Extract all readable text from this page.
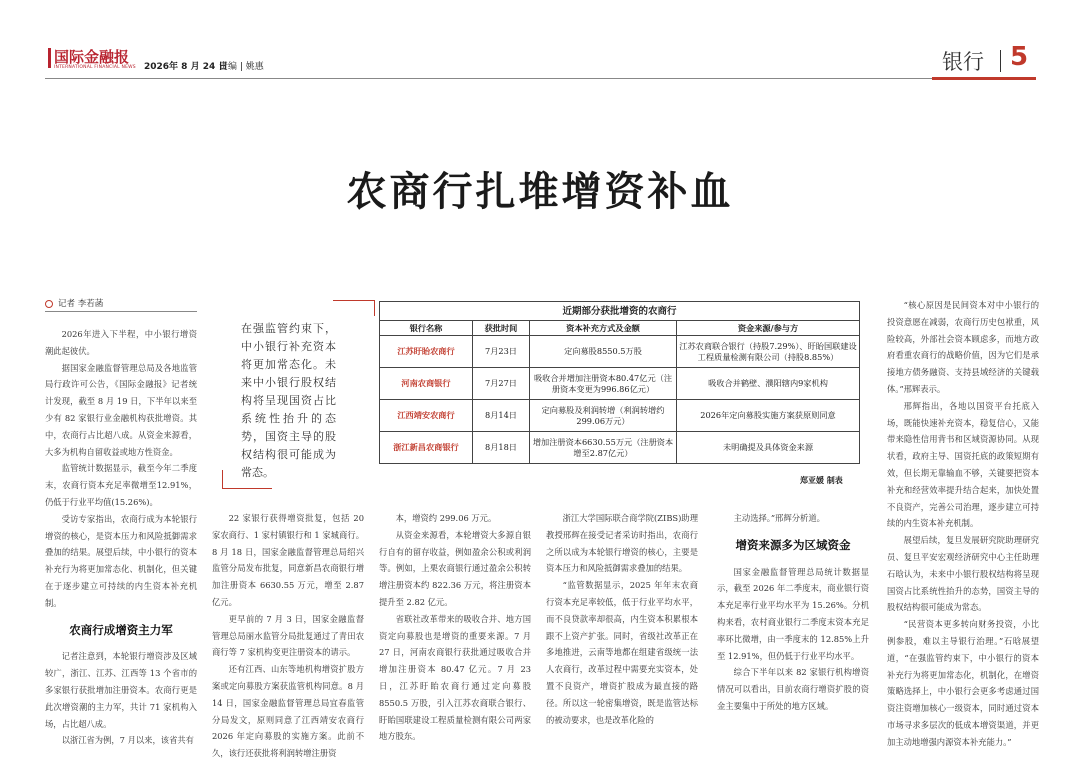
国际金融报
INTERNATIONAL FINANCIAL NEWS 2026年 8 月 24 日
责编 | 姚惠	银行 5
农商行扎堆增资补血
记者 李若菡
在强监管约束下，中小银行补充资本将更加常态化。未来中小银行股权结构将呈现国资占比系统性抬升的态势，国资主导的股权结构很可能成为常态。
近期部分获批增资的农商行			
银行名称	获批时间	资本补充方式及金额	资金来源/参与方
江苏盱眙农商行	7月23日	定向募股8550.5万股	江苏农商联合银行（持股7.29%）、盱眙国联建设工程质量检测有限公司（持股8.85%）
河南农商银行	7月27日	吸收合并增加注册资本80.47亿元（注册资本变更为996.86亿元）	吸收合并鹤壁、濮阳辖内9家机构
江西靖安农商行	8月14日	定向募股及利润转增（利润转增约299.06万元）	2026年定向募股实施方案获原则同意
浙江新昌农商银行	8月18日	增加注册资本6630.55万元（注册资本增至2.87亿元）	未明确提及具体资金来源
郑亚媛 制表

2026年进入下半程，中小银行增资潮此起彼伏。

据国家金融监督管理总局及各地监管局行政许可公告，《国际金融报》记者统计发现，截至 8 月 19 日，下半年以来至少有 82 家银行业金融机构获批增资。其中，农商行占比超八成。从资金来源看，大多为机构自留收益或地方性资金。

监管统计数据显示，截至今年二季度末，农商行资本充足率微增至12.91%，仍低于行业平均值(15.26%)。

受访专家指出，农商行成为本轮银行增资的核心，是资本压力和风险抵御需求叠加的结果。展望后续，中小银行的资本补充行为将更加常态化、机制化，但关键在于逐步建立可持续的内生资本补充机制。

农商行成增资主力军

记者注意到，本轮银行增资涉及区域较广，浙江、江苏、江西等 13 个省市的多家银行获批增加注册资本。农商行更是此次增资潮的主力军，共计 71 家机构入场，占比超八成。

以浙江省为例，7 月以来，该省共有

22 家银行获得增资批复，包括 20 家农商行、1 家村镇银行和 1 家城商行。8 月 18 日，国家金融监督管理总局绍兴监管分局发布批复，同意新昌农商银行增加注册资本 6630.55 万元，增至 2.87 亿元。

更早前的 7 月 3 日，国家金融监督管理总局丽水监管分局批复通过了青田农商行等 7 家机构变更注册资本的请示。

还有江西、山东等地机构增资扩股方案或定向募股方案获监管机构同意。8 月 14 日，国家金融监督管理总局宜春监管分局发文，原则同意了江西靖安农商行 2026 年定向募股的实施方案。此前不久，该行还获批将利润转增注册资

本，增资约 299.06 万元。

从资金来源看，本轮增资大多源自银行自有的留存收益，例如盈余公积或利润等。例如，上栗农商银行通过盈余公积转增注册资本约 822.36 万元，将注册资本提升至 2.82 亿元。

省联社改革带来的吸收合并、地方国资定向募股也是增资的重要来源。7 月 27 日，河南农商银行获批通过吸收合并增加注册资本 80.47 亿元。7 月 23 日，江苏盱眙农商行通过定向募股 8550.5 万股，引入江苏农商联合银行、盱眙国联建设工程质量检测有限公司两家地方股东。

浙江大学国际联合商学院(ZIBS)助理教授邢辉在接受记者采访时指出，农商行之所以成为本轮银行增资的核心，主要是资本压力和风险抵御需求叠加的结果。

“监管数据显示，2025 年年末农商行资本充足率较低，低于行业平均水平，而不良贷款率却很高，内生资本积累根本跟不上资产扩张。同时，省级社改革正在多地推进，云南等地都在组建省级统一法人农商行，改革过程中需要充实资本，处置不良资产，增资扩股成为最直接的路径。所以这一轮密集增资，既是监管达标的被动要求，也是改革化险的

主动选择。”邢辉分析道。

增资来源多为区域资金

国家金融监督管理总局统计数据显示，截至 2026 年二季度末，商业银行资本充足率行业平均水平为 15.26%。分机构来看，农村商业银行二季度末资本充足率环比微增，由一季度末的 12.85%上升至 12.91%，但仍低于行业平均水平。

综合下半年以来 82 家银行机构增资情况可以看出，目前农商行增资扩股的资金主要集中于所处的地方区域。

“核心原因是民间资本对中小银行的投资意愿在减弱，农商行历史包袱重，风险较高，外部社会资本顾虑多，而地方政府看重农商行的战略价值，因为它们是承接地方债务融资、支持县域经济的关键载体。”邢辉表示。

邢辉指出，各地以国资平台托底入场，既能快速补充资本，稳复信心，又能带来隐性信用背书和区域资源协同。从现状看，政府主导、国资托底的政策短期有效，但长期无靠输血不够，关键要把资本补充和经营效率提升结合起来，加快处置不良资产，完善公司治理，逐步建立可持续的内生资本补充机制。

展望后续，复旦发展研究院助理研究员、复旦平安宏观经济研究中心主任助理石晗认为，未来中小银行股权结构将呈现国资占比系统性抬升的态势，国资主导的股权结构很可能成为常态。

“民营资本更多转向财务投资，小比例参股，难以主导银行治理。”石晗展望道，“在强监管约束下，中小银行的资本补充行为将更加常态化，机制化，在增资策略选择上，中小银行会更多考虑通过国资注资增加核心一级资本，同时通过资本市场寻求多层次的低成本增资渠道，并更加主动地增强内源资本补充能力。”
